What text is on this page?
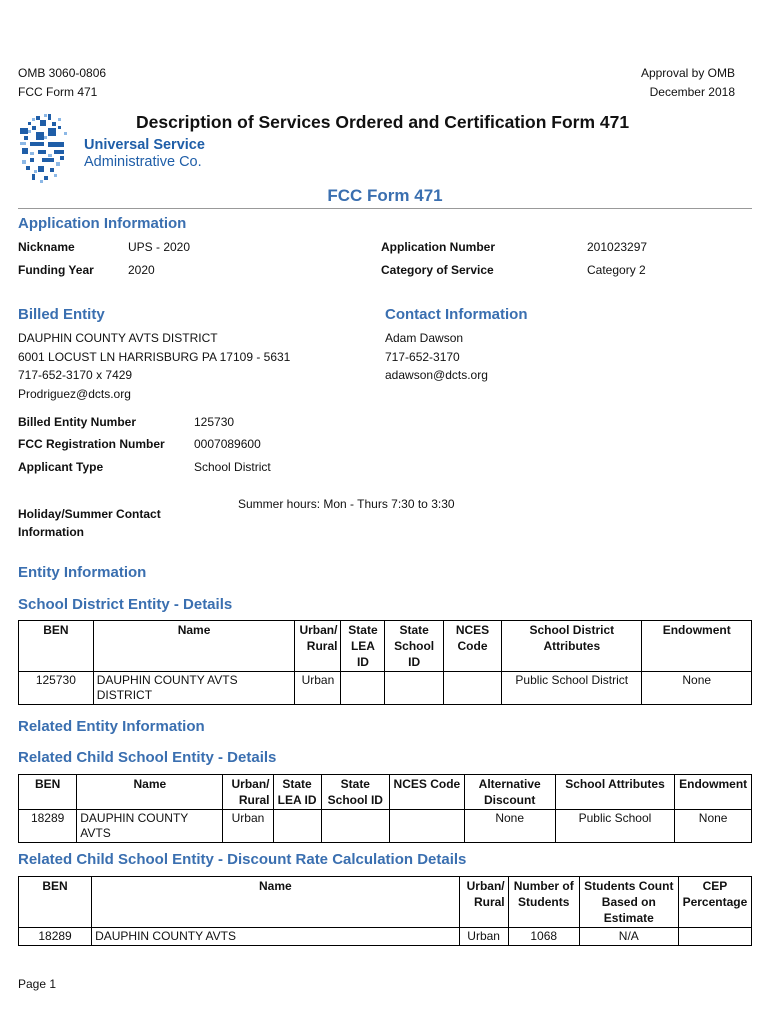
OMB 3060-0806
FCC Form 471
Approval by OMB
December 2018
Universal Service
Administrative Co.
Description of Services Ordered and Certification Form 471
FCC Form 471
Application Information
Nickname	UPS - 2020
Funding Year	2020
Application Number	201023297
Category of Service	Category 2
Billed Entity
DAUPHIN COUNTY AVTS DISTRICT
6001 LOCUST LN HARRISBURG PA 17109 - 5631
717-652-3170 x 7429
Prodriguez@dcts.org
Contact Information
Adam Dawson
717-652-3170
adawson@dcts.org
Billed Entity Number	125730
FCC Registration Number 0007089600
Applicant Type	School District
Holiday/Summer Contact
Information
Summer hours: Mon - Thurs 7:30 to 3:30
Entity Information
School District Entity - Details
BEN	Name	Urban/ Rural	State LEA ID	State School ID	NCES Code	School District Attributes	Endowment
125730	DAUPHIN COUNTY AVTS DISTRICT	Urban				Public School District	None
Related Entity Information
Related Child School Entity - Details
BEN	Name	Urban/ Rural	State LEA ID	State School ID	NCES Code	Alternative Discount	School Attributes	Endowment
18289	DAUPHIN COUNTY AVTS	Urban				None	Public School	None
Related Child School Entity - Discount Rate Calculation Details
BEN	Name	Urban/ Rural	Number of Students	Students Count Based on Estimate	CEP Percentage
18289	DAUPHIN COUNTY AVTS	Urban	1068	N/A	
Page 1
